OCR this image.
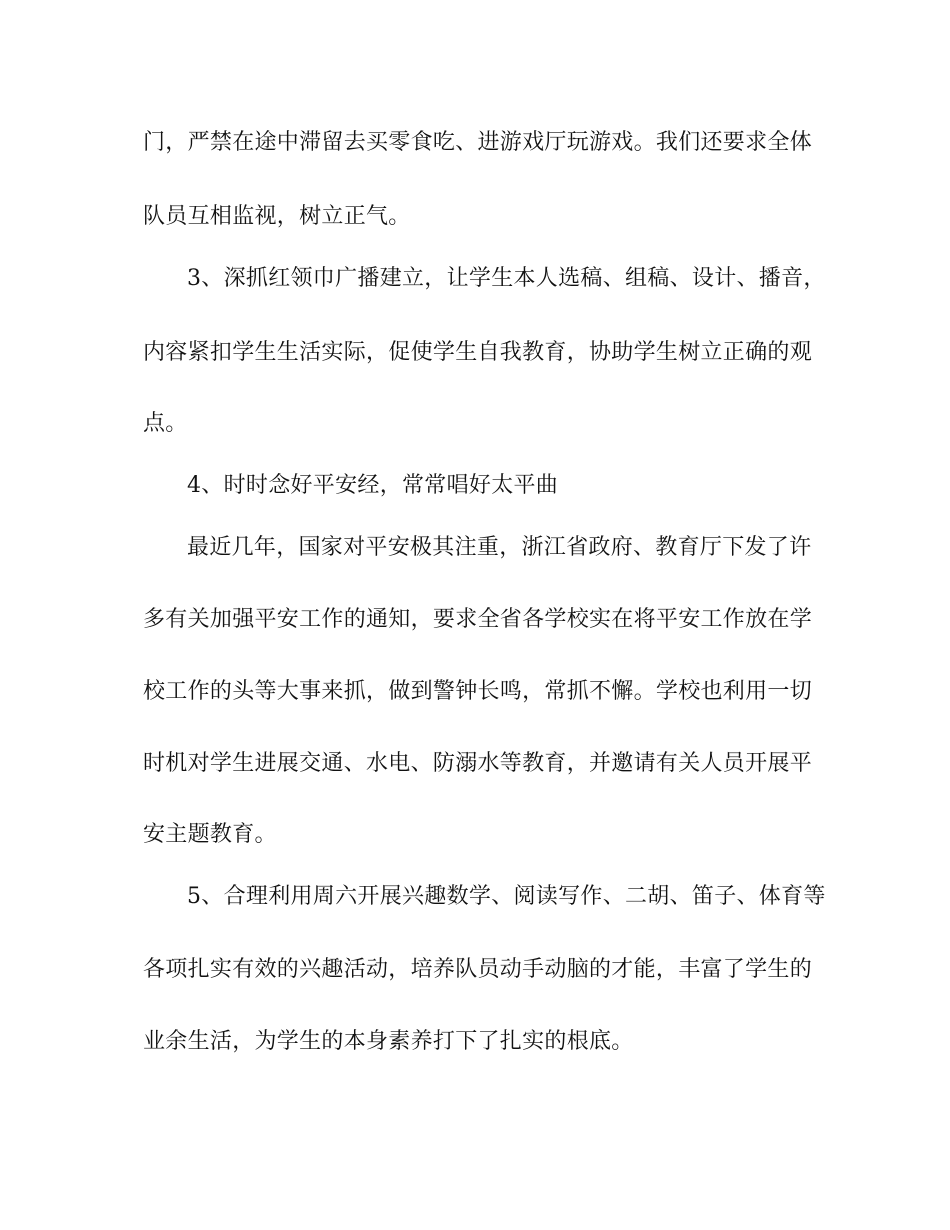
门，严禁在途中滞留去买零食吃、进游戏厅玩游戏。我们还要求全体
队员互相监视，树立正气。
3、深抓红领巾广播建立，让学生本人选稿、组稿、设计、播音，
内容紧扣学生生活实际，促使学生自我教育，协助学生树立正确的观
点。
4、时时念好平安经，常常唱好太平曲
最近几年，国家对平安极其注重，浙江省政府、教育厅下发了许
多有关加强平安工作的通知，要求全省各学校实在将平安工作放在学
校工作的头等大事来抓，做到警钟长鸣，常抓不懈。学校也利用一切
时机对学生进展交通、水电、防溺水等教育，并邀请有关人员开展平
安主题教育。
5、合理利用周六开展兴趣数学、阅读写作、二胡、笛子、体育等
各项扎实有效的兴趣活动，培养队员动手动脑的才能，丰富了学生的
业余生活，为学生的本身素养打下了扎实的根底。
